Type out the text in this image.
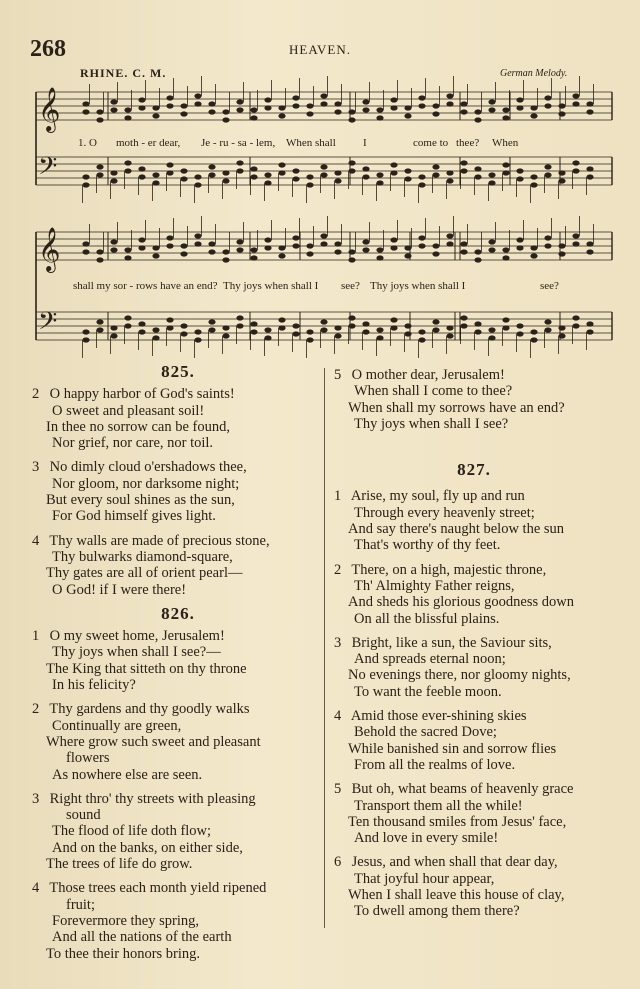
268	HEAVEN.
RHINE. C. M.	German Melody.
𝄞
𝄢
𝄞
𝄢
1. O moth - er dear, Je - ru - sa - lem, When shall I	come to thee? When
shall my sor - rows have an end? Thy joys when shall I see? Thy joys when shall I	see?
825.
2 O happy harbor of God's saints!
O sweet and pleasant soil!
In thee no sorrow can be found,
Nor grief, nor care, nor toil.
3 No dimly cloud o'ershadows thee,
Nor gloom, nor darksome night;
But every soul shines as the sun,
For God himself gives light.
4 Thy walls are made of precious stone,
Thy bulwarks diamond-square,
Thy gates are all of orient pearl—
O God! if I were there!
826.
1 O my sweet home, Jerusalem!
Thy joys when shall I see?—
The King that sitteth on thy throne
In his felicity?
2 Thy gardens and thy goodly walks
Continually are green,
Where grow such sweet and pleasant
flowers
As nowhere else are seen.
3 Right thro' thy streets with pleasing
sound
The flood of life doth flow;
And on the banks, on either side,
The trees of life do grow.
4 Those trees each month yield ripened
fruit;
Forevermore they spring,
And all the nations of the earth
To thee their honors bring.
5 O mother dear, Jerusalem!
When shall I come to thee?
When shall my sorrows have an end?
Thy joys when shall I see?
827.
1 Arise, my soul, fly up and run
Through every heavenly street;
And say there's naught below the sun
That's worthy of thy feet.
2 There, on a high, majestic throne,
Th' Almighty Father reigns,
And sheds his glorious goodness down
On all the blissful plains.
3 Bright, like a sun, the Saviour sits,
And spreads eternal noon;
No evenings there, nor gloomy nights,
To want the feeble moon.
4 Amid those ever-shining skies
Behold the sacred Dove;
While banished sin and sorrow flies
From all the realms of love.
5 But oh, what beams of heavenly grace
Transport them all the while!
Ten thousand smiles from Jesus' face,
And love in every smile!
6 Jesus, and when shall that dear day,
That joyful hour appear,
When I shall leave this house of clay,
To dwell among them there?
